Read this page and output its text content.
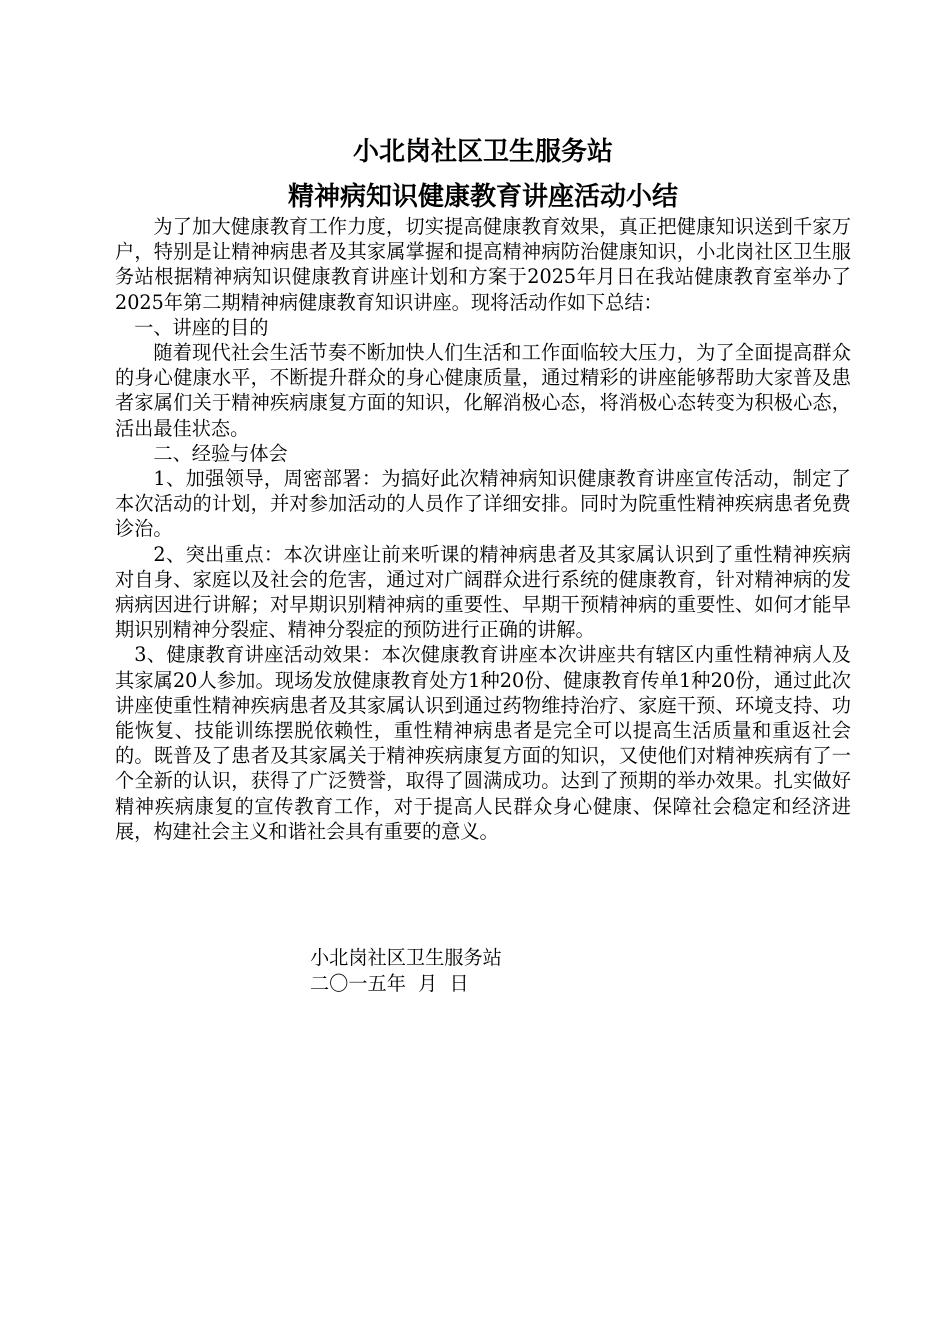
小北岗社区卫生服务站
精神病知识健康教育讲座活动小结

为了加大健康教育工作力度，切实提高健康教育效果，真正把健康知识送到千家万户，特别是让精神病患者及其家属掌握和提高精神病防治健康知识，小北岗社区卫生服务站根据精神病知识健康教育讲座计划和方案于2025年月日在我站健康教育室举办了2025年第二期精神病健康教育知识讲座。现将活动作如下总结：

一、讲座的目的

随着现代社会生活节奏不断加快人们生活和工作面临较大压力，为了全面提高群众的身心健康水平，不断提升群众的身心健康质量，通过精彩的讲座能够帮助大家普及患者家属们关于精神疾病康复方面的知识，化解消极心态，将消极心态转变为积极心态，活出最佳状态。

二、经验与体会

1、加强领导，周密部署：为搞好此次精神病知识健康教育讲座宣传活动，制定了本次活动的计划，并对参加活动的人员作了详细安排。同时为院重性精神疾病患者免费诊治。

2、突出重点：本次讲座让前来听课的精神病患者及其家属认识到了重性精神疾病对自身、家庭以及社会的危害，通过对广阔群众进行系统的健康教育，针对精神病的发病病因进行讲解；对早期识别精神病的重要性、早期干预精神病的重要性、如何才能早期识别精神分裂症、精神分裂症的预防进行正确的讲解。

3、健康教育讲座活动效果：本次健康教育讲座本次讲座共有辖区内重性精神病人及其家属20人参加。现场发放健康教育处方1种20份、健康教育传单1种20份，通过此次讲座使重性精神疾病患者及其家属认识到通过药物维持治疗、家庭干预、环境支持、功能恢复、技能训练摆脱依赖性，重性精神病患者是完全可以提高生活质量和重返社会的。既普及了患者及其家属关于精神疾病康复方面的知识，又使他们对精神疾病有了一个全新的认识，获得了广泛赞誉，取得了圆满成功。达到了预期的举办效果。扎实做好精神疾病康复的宣传教育工作，对于提高人民群众身心健康、保障社会稳定和经济进展，构建社会主义和谐社会具有重要的意义。

小北岗社区卫生服务站
二〇一五年  月  日
